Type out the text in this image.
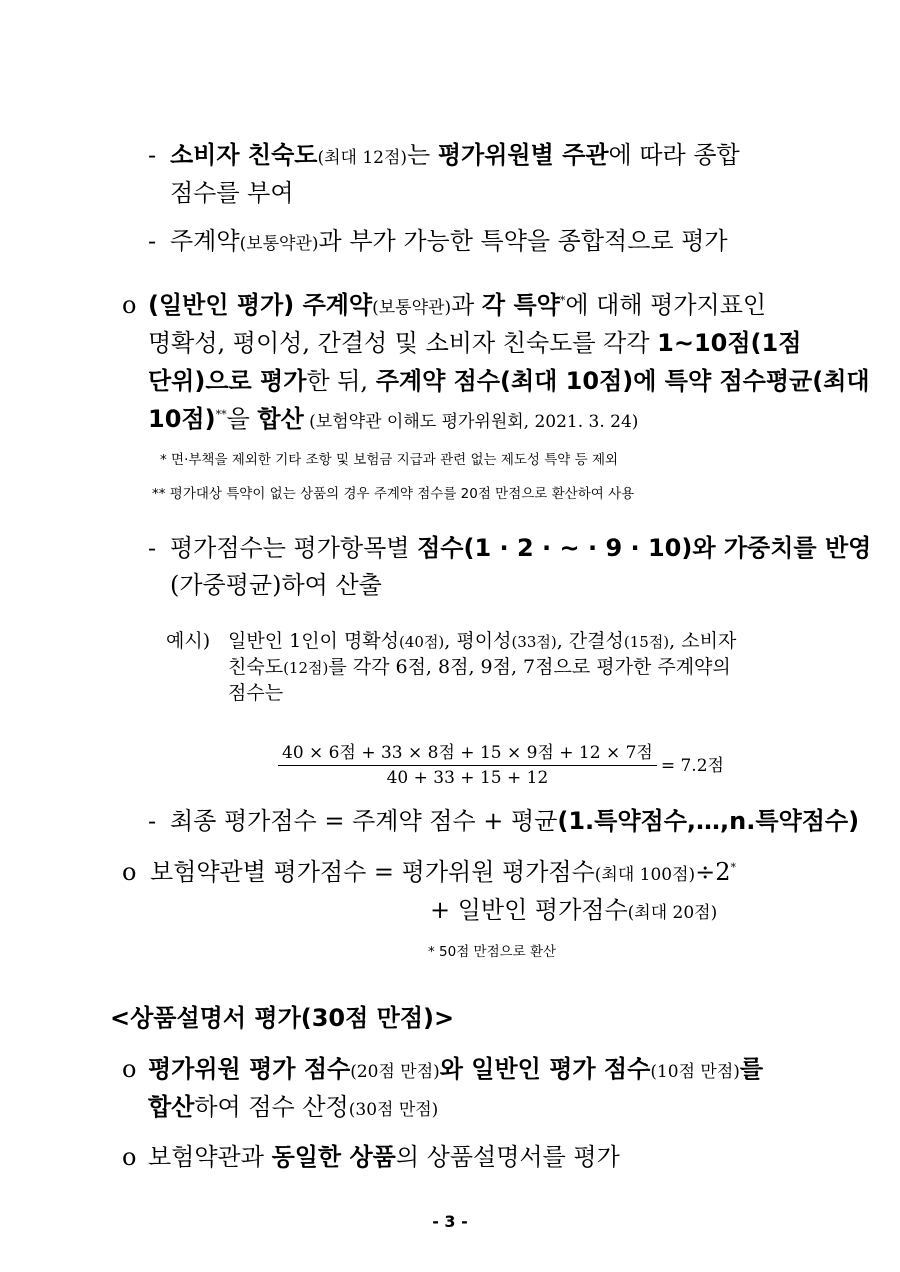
- 소비자 친숙도(최대 12점)는 평가위원별 주관에 따라 종합
점수를 부여
- 주계약(보통약관)과 부가 가능한 특약을 종합적으로 평가
o (일반인 평가) 주계약(보통약관)과 각 특약*에 대해 평가지표인
명확성, 평이성, 간결성 및 소비자 친숙도를 각각 1~10점(1점
단위)으로 평가한 뒤, 주계약 점수(최대 10점)에 특약 점수평균(최대
10점)**을 합산 (보험약관 이해도 평가위원회, 2021. 3. 24)
* 면·부책을 제외한 기타 조항 및 보험금 지급과 관련 없는 제도성 특약 등 제외
** 평가대상 특약이 없는 상품의 경우 주계약 점수를 20점 만점으로 환산하여 사용
- 평가점수는 평가항목별 점수(1 · 2 · ~ · 9 · 10)와 가중치를 반영
(가중평균)하여 산출
예시) 일반인 1인이 명확성(40점), 평이성(33점), 간결성(15점), 소비자
친숙도(12점)를 각각 6점, 8점, 9점, 7점으로 평가한 주계약의
점수는
$\frac{\text{40 × 6점 + 33 × 8점 + 15 × 9점 + 12 × 7점}}{40 + 33 + 15 + 12} = 7.2$점
- 최종 평가점수 = 주계약 점수 + 평균(1.특약점수,…,n.특약점수)
o 보험약관별 평가점수 = 평가위원 평가점수(최대 100점)÷2*
+ 일반인 평가점수(최대 20점)
* 50점 만점으로 환산
<상품설명서 평가(30점 만점)>
o 평가위원 평가 점수(20점 만점)와 일반인 평가 점수(10점 만점)를
합산하여 점수 산정(30점 만점)
o 보험약관과 동일한 상품의 상품설명서를 평가
- 3 -
